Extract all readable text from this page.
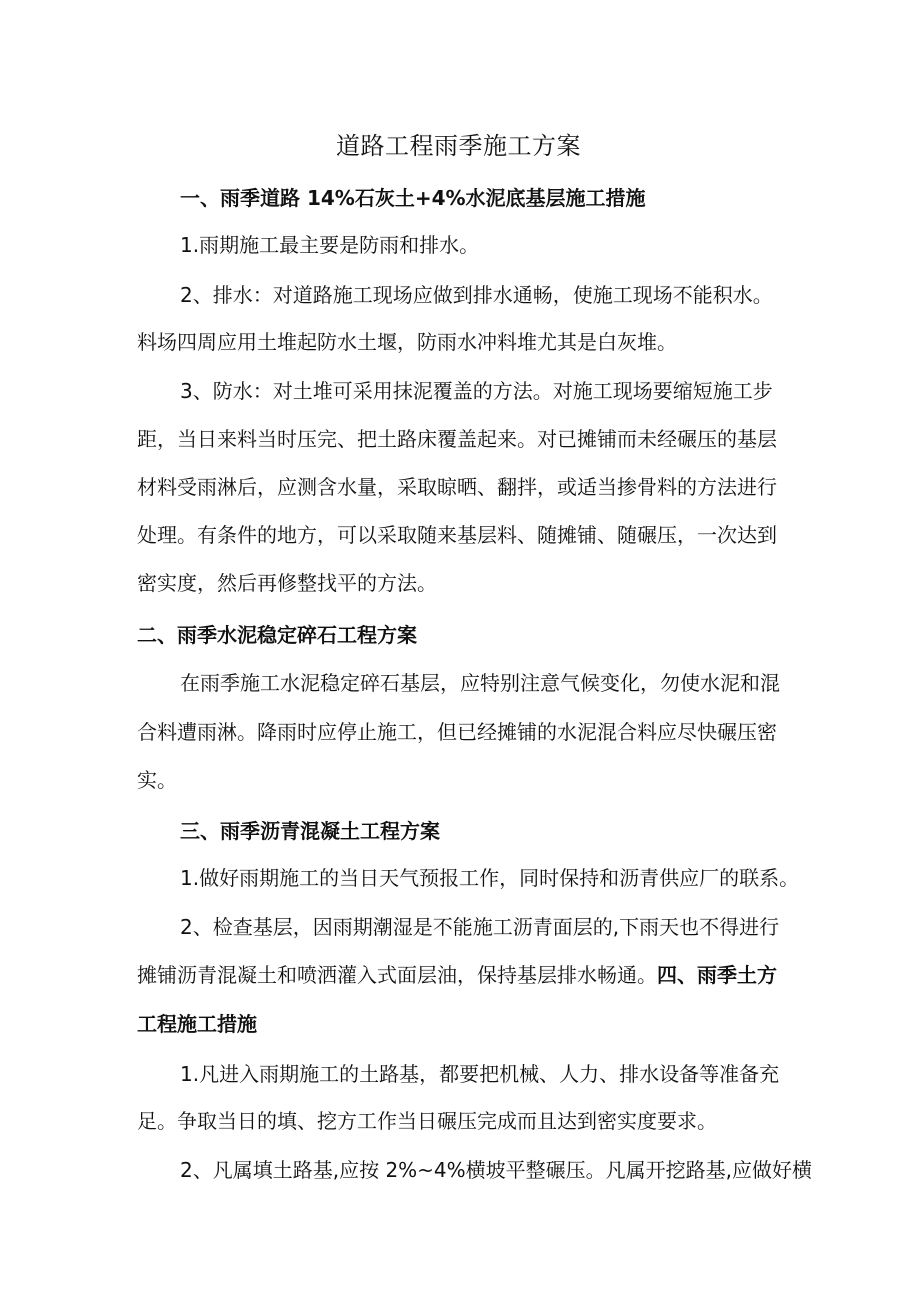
道路工程雨季施工方案
一、雨季道路 14%石灰土+4%水泥底基层施工措施
1.雨期施工最主要是防雨和排水。
2、排水：对道路施工现场应做到排水通畅，使施工现场不能积水。
料场四周应用土堆起防水土堰，防雨水冲料堆尤其是白灰堆。
3、防水：对土堆可采用抹泥覆盖的方法。对施工现场要缩短施工步
距，当日来料当时压完、把土路床覆盖起来。对已摊铺而未经碾压的基层
材料受雨淋后，应测含水量，采取晾晒、翻拌，或适当掺骨料的方法进行
处理。有条件的地方，可以采取随来基层料、随摊铺、随碾压，一次达到
密实度，然后再修整找平的方法。
二、雨季水泥稳定碎石工程方案
在雨季施工水泥稳定碎石基层，应特别注意气候变化，勿使水泥和混
合料遭雨淋。降雨时应停止施工，但已经摊铺的水泥混合料应尽快碾压密
实。
三、雨季沥青混凝土工程方案
1.做好雨期施工的当日天气预报工作，同时保持和沥青供应厂的联系。
2、检查基层，因雨期潮湿是不能施工沥青面层的,下雨天也不得进行
摊铺沥青混凝土和喷洒灌入式面层油，保持基层排水畅通。四、雨季土方
工程施工措施
1.凡进入雨期施工的土路基，都要把机械、人力、排水设备等准备充
足。争取当日的填、挖方工作当日碾压完成而且达到密实度要求。
2、凡属填土路基,应按 2%~4%横坡平整碾压。凡属开挖路基,应做好横
